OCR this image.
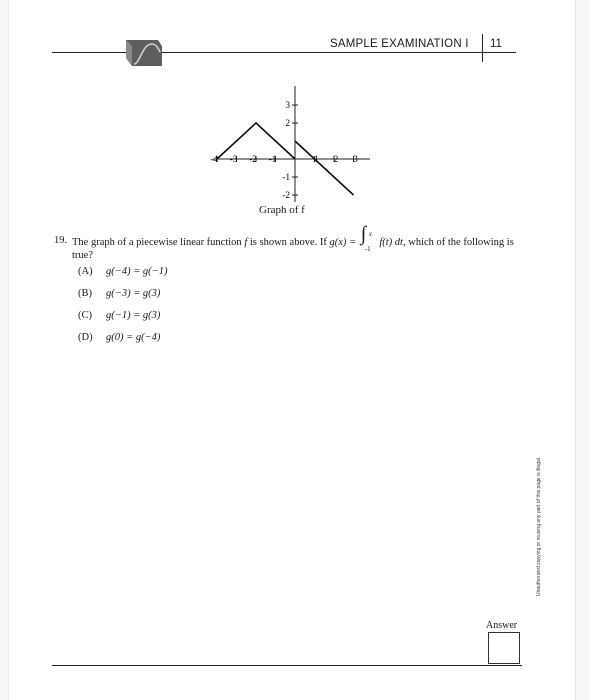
SAMPLE EXAMINATION I 11
-4 -3 -2 -1	1 2 3
3
2
-1
-2
Graph of f
19. The graph of a piecewise linear function f is shown above. If g(x) = ∫ x
-1
f(t) dt, which of the following is true?
(A) g(−4) = g(−1)
(B) g(−3) = g(3)
(C) g(−1) = g(3)
(D) g(0) = g(−4)
Unauthorized copying or reusing any part of this page is illegal.
Answer
